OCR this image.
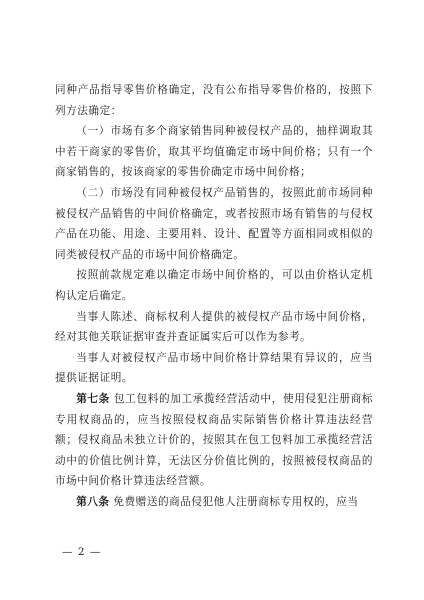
同种产品指导零售价格确定，没有公布指导零售价格的，按照下列方法确定：

（一）市场有多个商家销售同种被侵权产品的，抽样调取其中若干商家的零售价，取其平均值确定市场中间价格；只有一个商家销售的，按该商家的零售价确定市场中间价格；

（二）市场没有同种被侵权产品销售的，按照此前市场同种被侵权产品销售的中间价格确定，或者按照市场有销售的与侵权产品在功能、用途、主要用料、设计、配置等方面相同或相似的同类被侵权产品的市场中间价格确定。

按照前款规定难以确定市场中间价格的，可以由价格认定机构认定后确定。

当事人陈述、商标权利人提供的被侵权产品市场中间价格，经对其他关联证据审查并查证属实后可以作为参考。

当事人对被侵权产品市场中间价格计算结果有异议的，应当提供证据证明。

第七条 包工包料的加工承揽经营活动中，使用侵犯注册商标专用权商品的，应当按照侵权商品实际销售价格计算违法经营额；侵权商品未独立计价的，按照其在包工包料加工承揽经营活动中的价值比例计算，无法区分价值比例的，按照被侵权商品的市场中间价格计算违法经营额。

第八条 免费赠送的商品侵犯他人注册商标专用权的，应当

— 2 —
